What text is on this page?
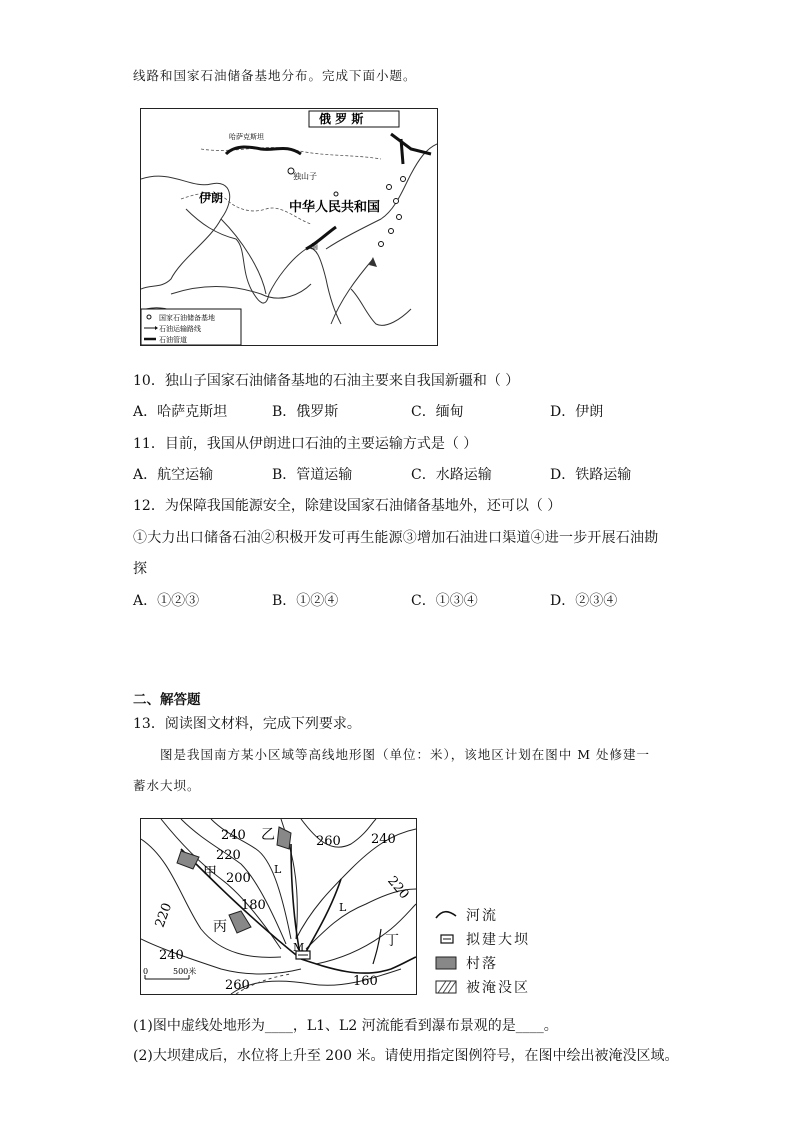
线路和国家石油储备基地分布。完成下面小题。
俄 罗 斯
哈萨克斯坦
独山子
中华人民共和国
伊朗
缅
国家石油储备基地
石油运输路线
石油管道
10．独山子国家石油储备基地的石油主要来自我国新疆和（ ）
A．哈萨克斯坦	B．俄罗斯	C．缅甸	D．伊朗
11．目前，我国从伊朗进口石油的主要运输方式是（ ）
A．航空运输	B．管道运输	C．水路运输	D．铁路运输
12．为保障我国能源安全，除建设国家石油储备基地外，还可以（ ）
①大力出口储备石油②积极开发可再生能源③增加石油进口渠道④进一步开展石油勘
探
A．①②③	B．①②④	C．①③④	D．②③④
二、解答题
13．阅读图文材料，完成下列要求。
图是我国南方某小区域等高线地形图（单位：米），该地区计划在图中 M 处修建一
蓄水大坝。
240
220
200
180
220
240
260 240
220
160
260
甲
乙
丙
丁
M
L
L
0	500米
河流
拟建大坝
村落
被淹没区
(1)图中虚线处地形为____，L1、L2 河流能看到瀑布景观的是____。
(2)大坝建成后，水位将上升至 200 米。请使用指定图例符号，在图中绘出被淹没区域。
